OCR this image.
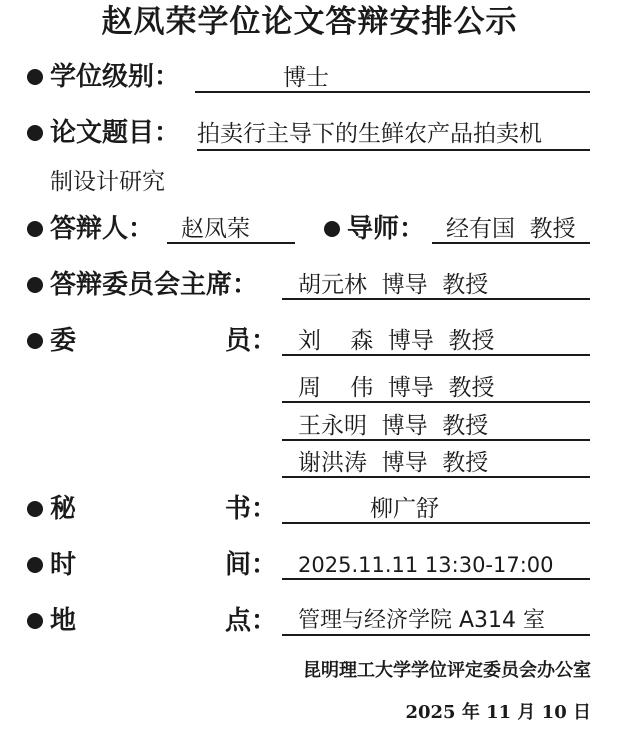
赵凤荣学位论文答辩安排公示
学位级别：	博士
论文题目： 拍卖行主导下的生鲜农产品拍卖机
制设计研究
答辩人：	赵凤荣	导师： 经有国  教授
答辩委员会主席：	胡元林  博导  教授
委	员： 刘    森  博导  教授
周    伟  博导  教授
王永明  博导  教授
谢洪涛  博导  教授
秘	书：	柳广舒
时	间： 2025.11.11 13:30-17:00
地	点： 管理与经济学院 A314 室
昆明理工大学学位评定委员会办公室
2025 年 11 月 10 日
